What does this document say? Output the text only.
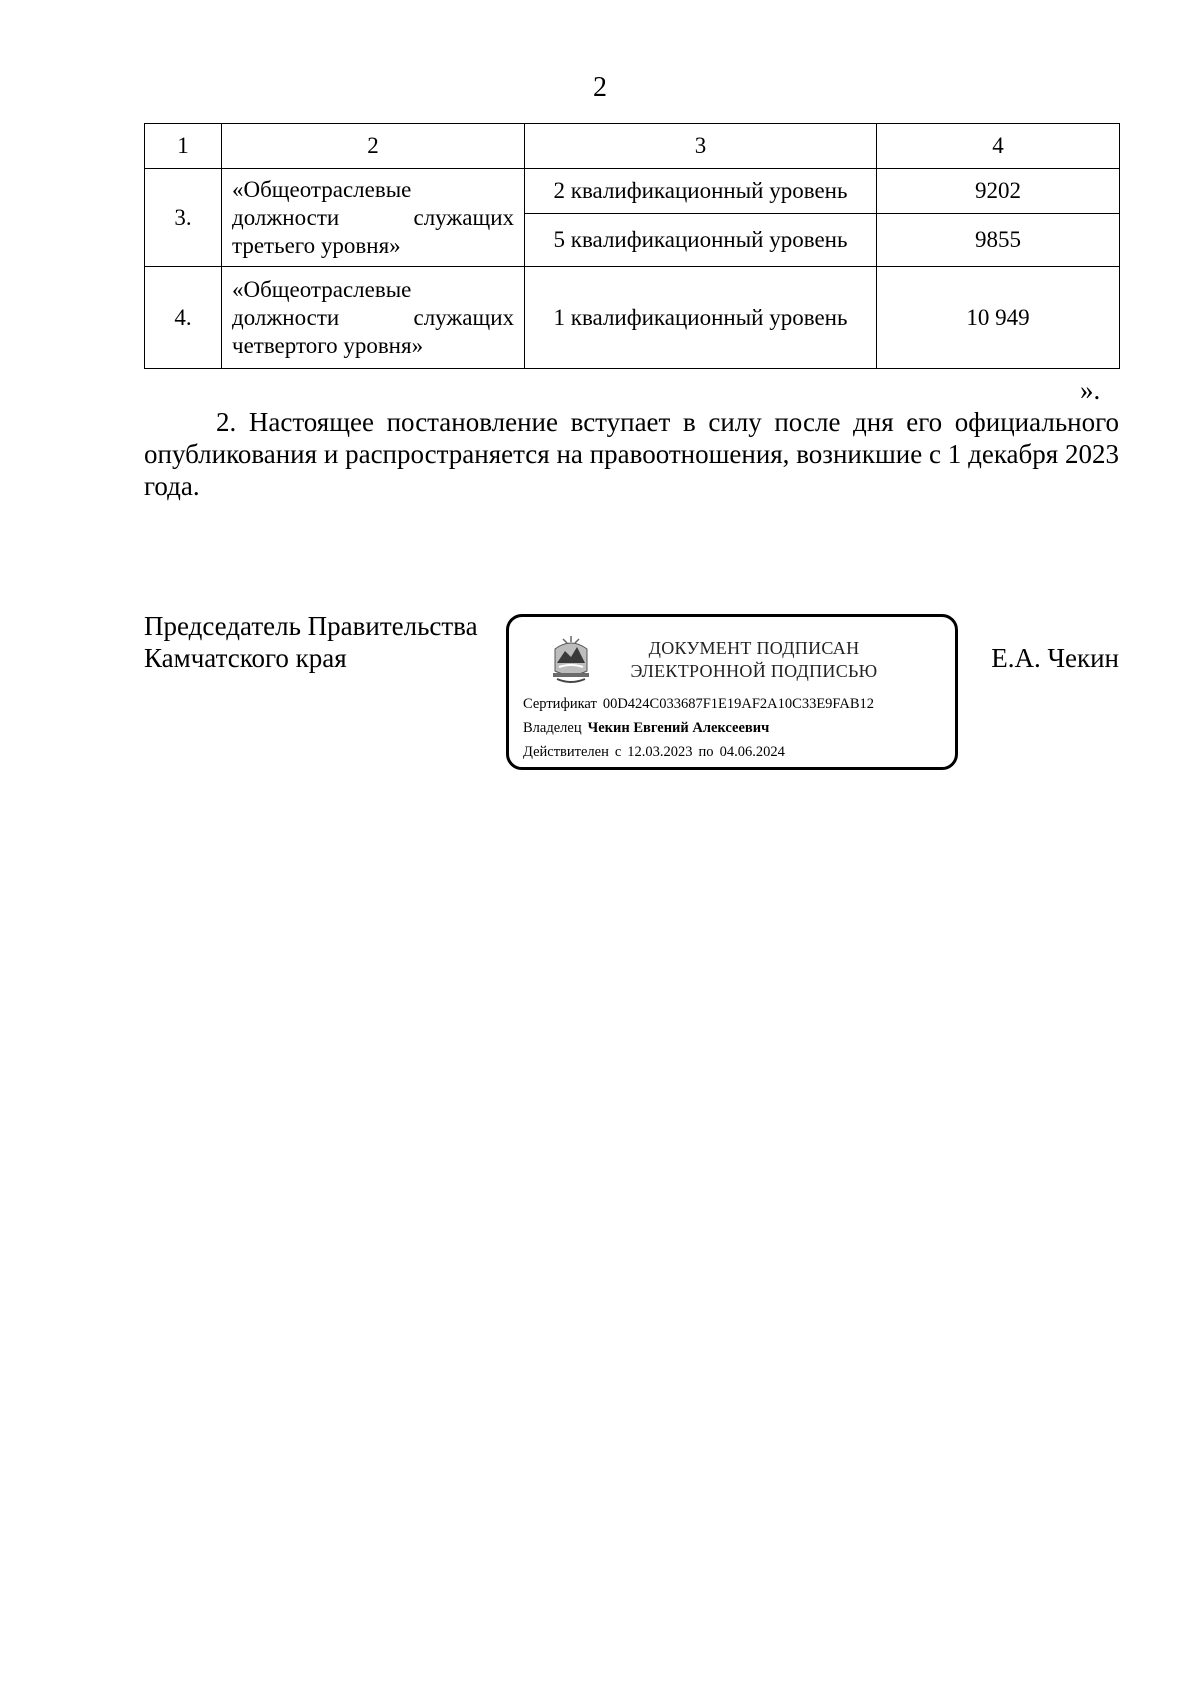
2
1	2	3	4
3.	«Общеотраслевые должности служащих третьего уровня»	2 квалификационный уровень	9202
		5 квалификационный уровень	9855
4.	«Общеотраслевые должности служащих четвертого уровня»	1 квалификационный уровень	10 949
».
2. Настоящее постановление вступает в силу после дня его официального опубликования и распространяется на правоотношения, возникшие с 1 декабря 2023 года.
Председатель Правительства
Камчатского края	ДОКУМЕНТ ПОДПИСАН
ЭЛЕКТРОННОЙ ПОДПИСЬЮ
Сертификат 00D424C033687F1E19AF2A10C33E9FAB12
Владелец Чекин Евгений Алексеевич
Действителен с 12.03.2023 по 04.06.2024
Е.А. Чекин
